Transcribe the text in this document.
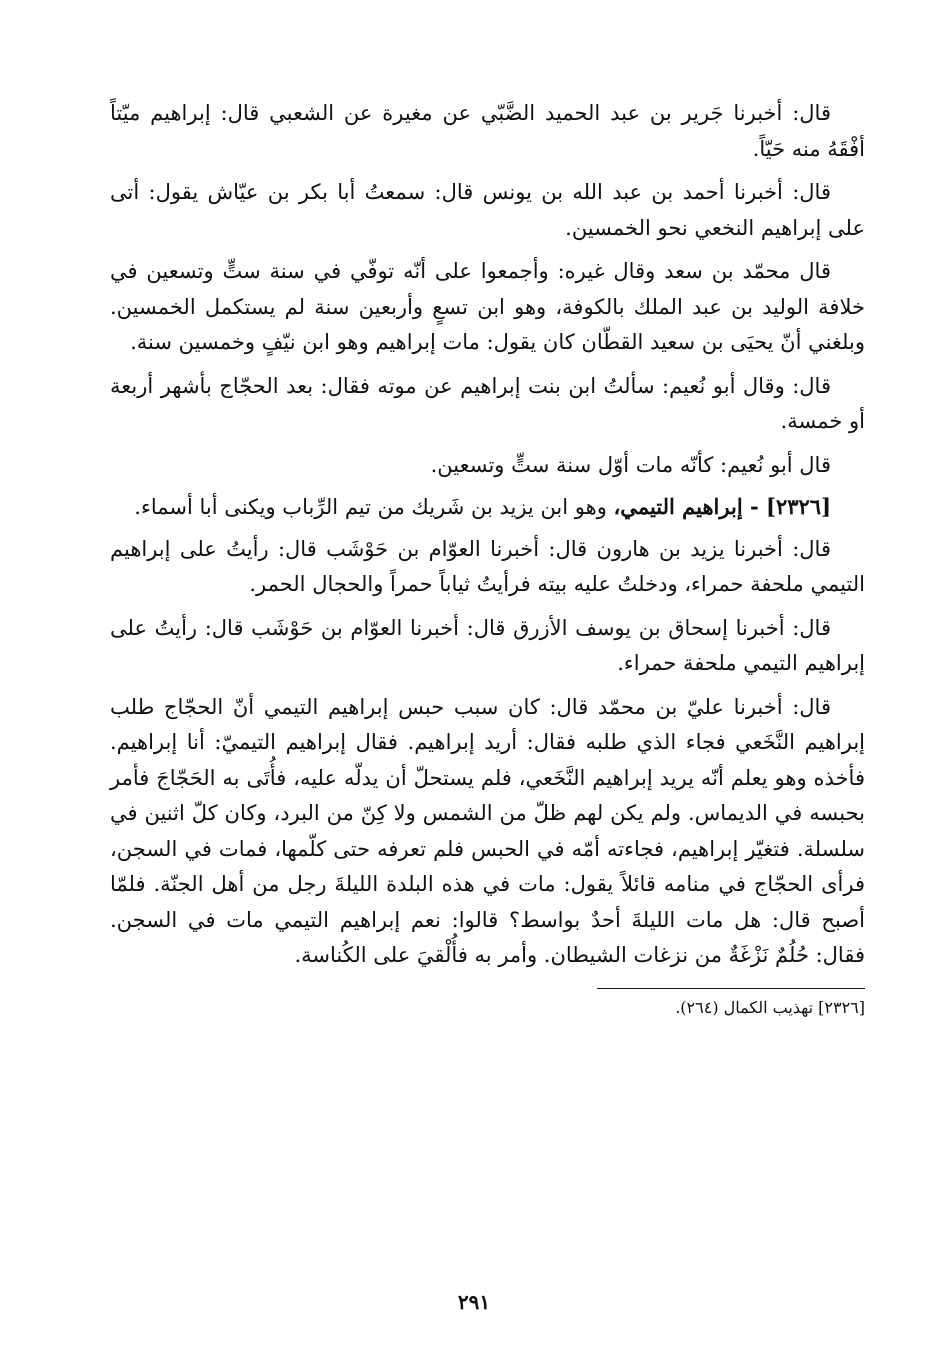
قال: أخبرنا جَرير بن عبد الحميد الضَّبّي عن مغيرة عن الشعبي قال: إبراهيم ميّتاً أفْقَهُ منه حَيّاً.

قال: أخبرنا أحمد بن عبد الله بن يونس قال: سمعتُ أبا بكر بن عيّاش يقول: أتى على إبراهيم النخعي نحو الخمسين.

قال محمّد بن سعد وقال غيره: وأجمعوا على أنّه توفّي في سنة ستٍّ وتسعين في خلافة الوليد بن عبد الملك بالكوفة، وهو ابن تسعٍ وأربعين سنة لم يستكمل الخمسين. وبلغني أنّ يحيَى بن سعيد القطّان كان يقول: مات إبراهيم وهو ابن نيّفٍ وخمسين سنة.

قال: وقال أبو نُعيم: سألتُ ابن بنت إبراهيم عن موته فقال: بعد الحجّاج بأشهر أربعة أو خمسة.

قال أبو نُعيم: كأنّه مات أوّل سنة ستٍّ وتسعين.

[٢٣٢٦] - إبراهيم التيمي، وهو ابن يزيد بن شَريك من تيم الرِّباب ويكنى أبا أسماء.

قال: أخبرنا يزيد بن هارون قال: أخبرنا العوّام بن حَوْشَب قال: رأيتُ على إبراهيم التيمي ملحفة حمراء، ودخلتُ عليه بيته فرأيتُ ثياباً حمراً والحجال الحمر.

قال: أخبرنا إسحاق بن يوسف الأزرق قال: أخبرنا العوّام بن حَوْشَب قال: رأيتُ على إبراهيم التيمي ملحفة حمراء.

قال: أخبرنا عليّ بن محمّد قال: كان سبب حبس إبراهيم التيمي أنّ الحجّاج طلب إبراهيم النَّخَعي فجاء الذي طلبه فقال: أريد إبراهيم. فقال إبراهيم التيميّ: أنا إبراهيم. فأخذه وهو يعلم أنّه يريد إبراهيم النَّخَعي، فلم يستحلّ أن يدلّه عليه، فأُتَى به الحَجّاجَ فأمر بحبسه في الديماس. ولم يكن لهم ظلّ من الشمس ولا كِنّ من البرد، وكان كلّ اثنين في سلسلة. فتغيّر إبراهيم، فجاءته أمّه في الحبس فلم تعرفه حتى كلّمها، فمات في السجن، فرأى الحجّاج في منامه قائلاً يقول: مات في هذه البلدة الليلةَ رجل من أهل الجنّة. فلمّا أصبح قال: هل مات الليلةَ أحدٌ بواسط؟ قالوا: نعم إبراهيم التيمي مات في السجن. فقال: حُلُمٌ نَزْغَةٌ من نزغات الشيطان. وأمر به فأُلْقيَ على الكُناسة.

[٢٣٢٦] تهذيب الكمال (٢٦٤).

٢٩١
